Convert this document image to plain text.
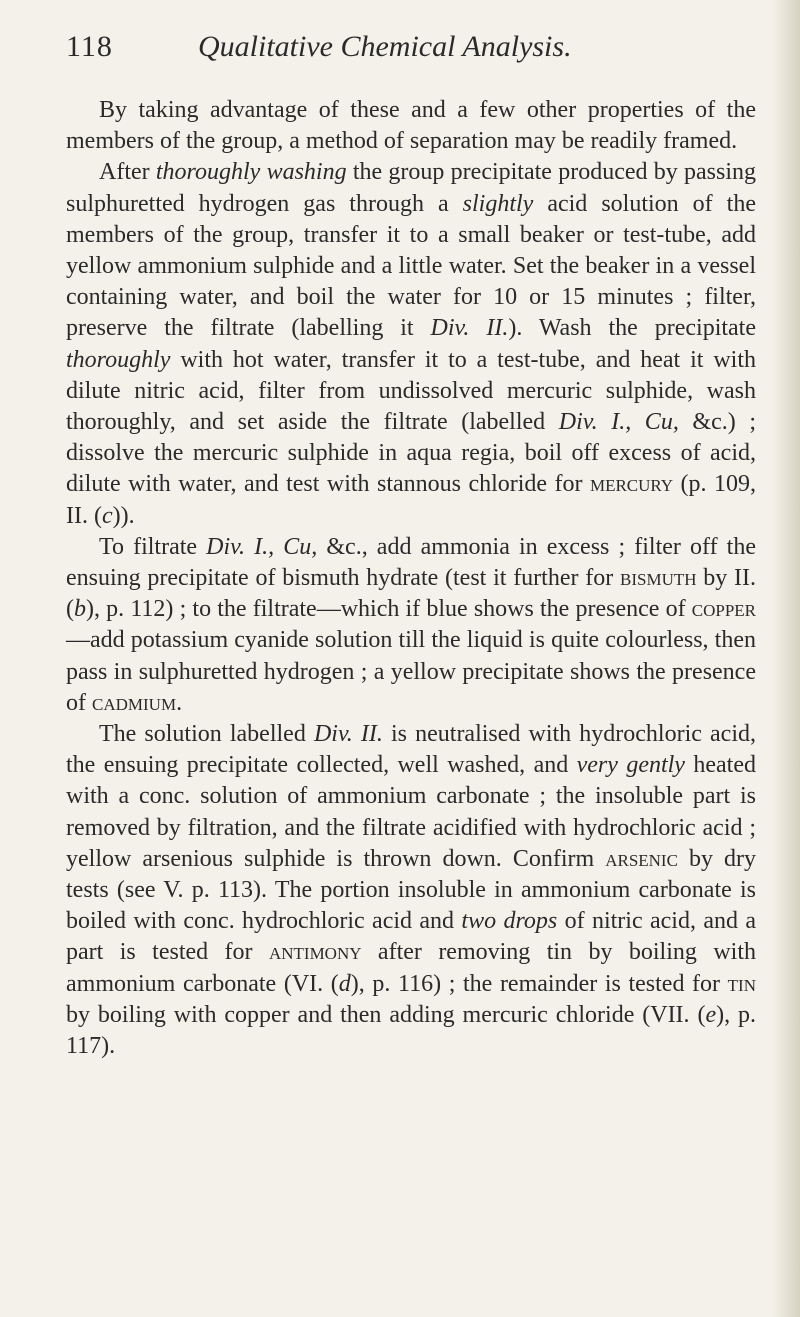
118	Qualitative Chemical Analysis.

By taking advantage of these and a few other properties of the members of the group, a method of separation may be readily framed.

After thoroughly washing the group precipitate produced by passing sulphuretted hydrogen gas through a slightly acid solution of the members of the group, transfer it to a small beaker or test-tube, add yellow ammonium sulphide and a little water. Set the beaker in a vessel containing water, and boil the water for 10 or 15 minutes ; filter, preserve the filtrate (labelling it Div. II.). Wash the precipitate thoroughly with hot water, transfer it to a test-tube, and heat it with dilute nitric acid, filter from undissolved mercuric sulphide, wash thoroughly, and set aside the filtrate (labelled Div. I., Cu, &c.) ; dissolve the mercuric sulphide in aqua regia, boil off excess of acid, dilute with water, and test with stannous chloride for mercury (p. 109, II. (c)).

To filtrate Div. I., Cu, &c., add ammonia in excess ; filter off the ensuing precipitate of bismuth hydrate (test it further for bismuth by II. (b), p. 112) ; to the filtrate—which if blue shows the presence of copper—add potassium cyanide solution till the liquid is quite colourless, then pass in sulphuretted hydrogen ; a yellow precipitate shows the presence of cadmium.

The solution labelled Div. II. is neutralised with hydrochloric acid, the ensuing precipitate collected, well washed, and very gently heated with a conc. solution of ammonium carbonate ; the insoluble part is removed by filtration, and the filtrate acidified with hydrochloric acid ; yellow arsenious sulphide is thrown down. Confirm arsenic by dry tests (see V. p. 113). The portion insoluble in ammonium carbonate is boiled with conc. hydrochloric acid and two drops of nitric acid, and a part is tested for antimony after removing tin by boiling with ammonium carbonate (VI. (d), p. 116) ; the remainder is tested for tin by boiling with copper and then adding mercuric chloride (VII. (e), p. 117).
